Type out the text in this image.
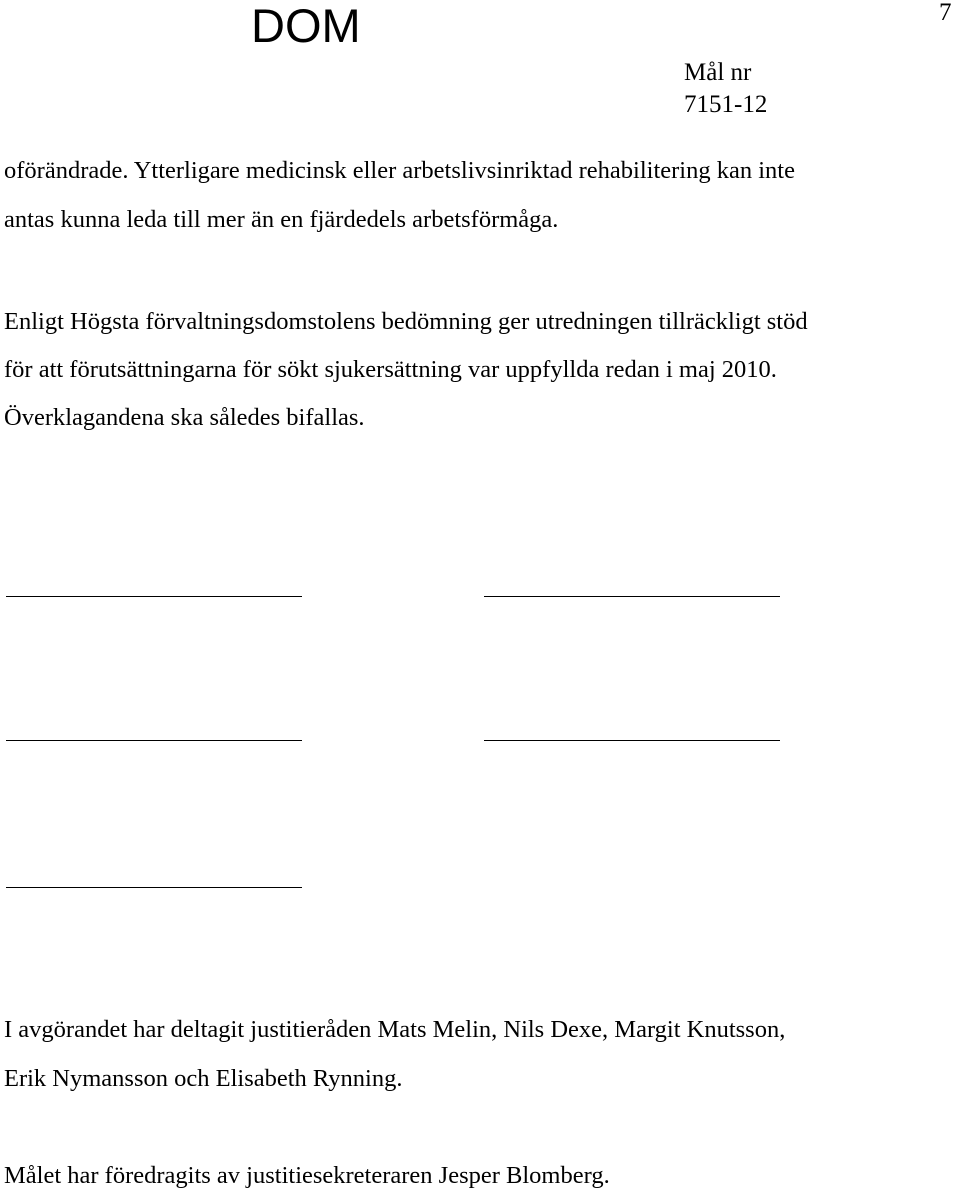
DOM	7
Mål nr
7151-12
oförändrade. Ytterligare medicinsk eller arbetslivsinriktad rehabilitering kan inte
antas kunna leda till mer än en fjärdedels arbetsförmåga.
Enligt Högsta förvaltningsdomstolens bedömning ger utredningen tillräckligt stöd
för att förutsättningarna för sökt sjukersättning var uppfyllda redan i maj 2010.
Överklagandena ska således bifallas.
I avgörandet har deltagit justitieråden Mats Melin, Nils Dexe, Margit Knutsson,
Erik Nymansson och Elisabeth Rynning.
Målet har föredragits av justitiesekreteraren Jesper Blomberg.
